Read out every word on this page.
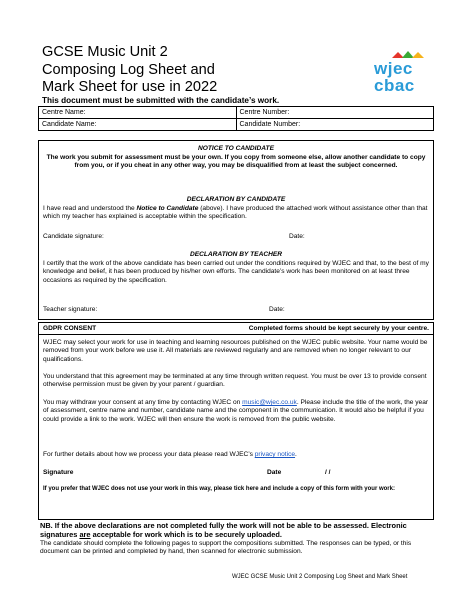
GCSE Music Unit 2
Composing Log Sheet and
Mark Sheet for use in 2022
wjec
cbac
This document must be submitted with the candidate’s work.
Centre Name:	Centre Number:
Candidate Name:	Candidate Number:
NOTICE TO CANDIDATE
The work you submit for assessment must be your own. If you copy from someone else, allow another candidate to copy from you, or if you cheat in any other way, you may be disqualified from at least the subject concerned.
DECLARATION BY CANDIDATE
I have read and understood the Notice to Candidate (above). I have produced the attached work without assistance other than that which my teacher has explained is acceptable within the specification.
Candidate signature:	Date:
DECLARATION BY TEACHER
I certify that the work of the above candidate has been carried out under the conditions required by WJEC and that, to the best of my knowledge and belief, it has been produced by his/her own efforts. The candidate’s work has been monitored on at least three occasions as required by the specification.
Teacher signature:	Date:
GDPR CONSENT	Completed forms should be kept securely by your centre.
WJEC may select your work for use in teaching and learning resources published on the WJEC public website. Your name would be removed from your work before we use it. All materials are reviewed regularly and are removed when no longer relevant to our qualifications.
You understand that this agreement may be terminated at any time through written request. You must be over 13 to provide consent otherwise permission must be given by your parent / guardian.
You may withdraw your consent at any time by contacting WJEC on music@wjec.co.uk. Please include the title of the work, the year of assessment, centre name and number, candidate name and the component in the communication. It would also be helpful if you could provide a link to the work. WJEC will then ensure the work is removed from the public website.
For further details about how we process your data please read WJEC’s privacy notice.
Signature	Date	/ /
If you prefer that WJEC does not use your work in this way, please tick here and include a copy of this form with your work:
NB. If the above declarations are not completed fully the work will not be able to be assessed. Electronic signatures are acceptable for work which is to be securely uploaded.
The candidate should complete the following pages to support the compositions submitted. The responses can be typed, or this document can be printed and completed by hand, then scanned for electronic submission.
WJEC GCSE Music Unit 2 Composing Log Sheet and Mark Sheet
